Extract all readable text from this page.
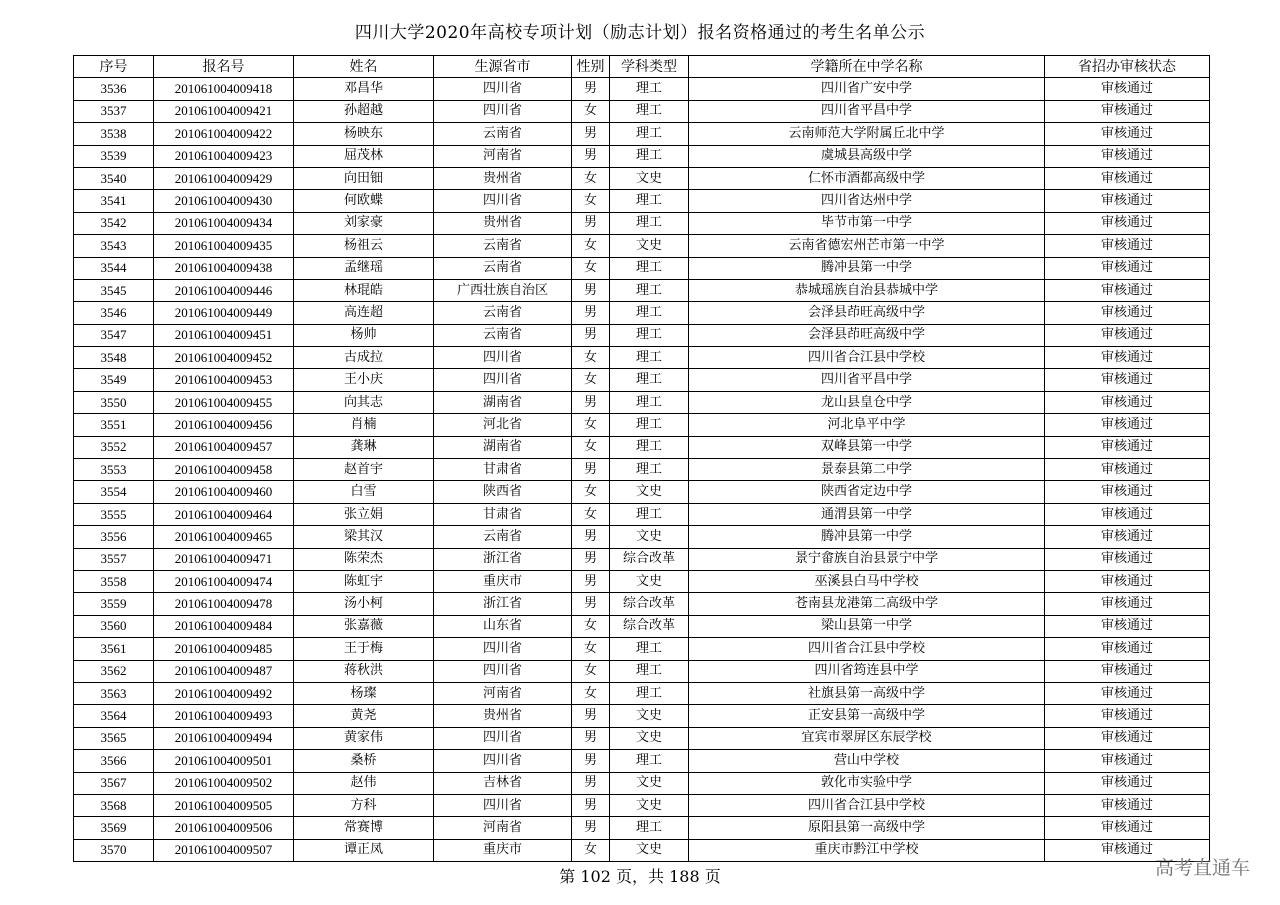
四川大学2020年高校专项计划（励志计划）报名资格通过的考生名单公示
序号	报名号	姓名	生源省市	性别	学科类型	学籍所在中学名称	省招办审核状态
3536	201061004009418	邓昌华	四川省	男	理工	四川省广安中学	审核通过
3537	201061004009421	孙超越	四川省	女	理工	四川省平昌中学	审核通过
3538	201061004009422	杨映东	云南省	男	理工	云南师范大学附属丘北中学	审核通过
3539	201061004009423	屈茂林	河南省	男	理工	虞城县高级中学	审核通过
3540	201061004009429	向田钿	贵州省	女	文史	仁怀市酒都高级中学	审核通过
3541	201061004009430	何欧蝶	四川省	女	理工	四川省达州中学	审核通过
3542	201061004009434	刘家豪	贵州省	男	理工	毕节市第一中学	审核通过
3543	201061004009435	杨祖云	云南省	女	文史	云南省德宏州芒市第一中学	审核通过
3544	201061004009438	孟继瑶	云南省	女	理工	腾冲县第一中学	审核通过
3545	201061004009446	林琨皓	广西壮族自治区	男	理工	恭城瑶族自治县恭城中学	审核通过
3546	201061004009449	高连超	云南省	男	理工	会泽县茚旺高级中学	审核通过
3547	201061004009451	杨帅	云南省	男	理工	会泽县茚旺高级中学	审核通过
3548	201061004009452	古成拉	四川省	女	理工	四川省合江县中学校	审核通过
3549	201061004009453	王小庆	四川省	女	理工	四川省平昌中学	审核通过
3550	201061004009455	向其志	湖南省	男	理工	龙山县皇仓中学	审核通过
3551	201061004009456	肖楠	河北省	女	理工	河北阜平中学	审核通过
3552	201061004009457	龚琳	湖南省	女	理工	双峰县第一中学	审核通过
3553	201061004009458	赵首宇	甘肃省	男	理工	景泰县第二中学	审核通过
3554	201061004009460	白雪	陕西省	女	文史	陕西省定边中学	审核通过
3555	201061004009464	张立娟	甘肃省	女	理工	通渭县第一中学	审核通过
3556	201061004009465	梁其汉	云南省	男	文史	腾冲县第一中学	审核通过
3557	201061004009471	陈荣杰	浙江省	男	综合改革	景宁畲族自治县景宁中学	审核通过
3558	201061004009474	陈虹宇	重庆市	男	文史	巫溪县白马中学校	审核通过
3559	201061004009478	汤小柯	浙江省	男	综合改革	苍南县龙港第二高级中学	审核通过
3560	201061004009484	张嘉薇	山东省	女	综合改革	梁山县第一中学	审核通过
3561	201061004009485	王于梅	四川省	女	理工	四川省合江县中学校	审核通过
3562	201061004009487	蒋秋洪	四川省	女	理工	四川省筠连县中学	审核通过
3563	201061004009492	杨璨	河南省	女	理工	社旗县第一高级中学	审核通过
3564	201061004009493	黄尧	贵州省	男	文史	正安县第一高级中学	审核通过
3565	201061004009494	黄家伟	四川省	男	文史	宜宾市翠屏区东辰学校	审核通过
3566	201061004009501	桑桥	四川省	男	理工	营山中学校	审核通过
3567	201061004009502	赵伟	吉林省	男	文史	敦化市实验中学	审核通过
3568	201061004009505	方科	四川省	男	文史	四川省合江县中学校	审核通过
3569	201061004009506	常赛博	河南省	男	理工	原阳县第一高级中学	审核通过
3570	201061004009507	谭正凤	重庆市	女	文史	重庆市黔江中学校	审核通过
第 102 页，共 188 页	高考直通车
